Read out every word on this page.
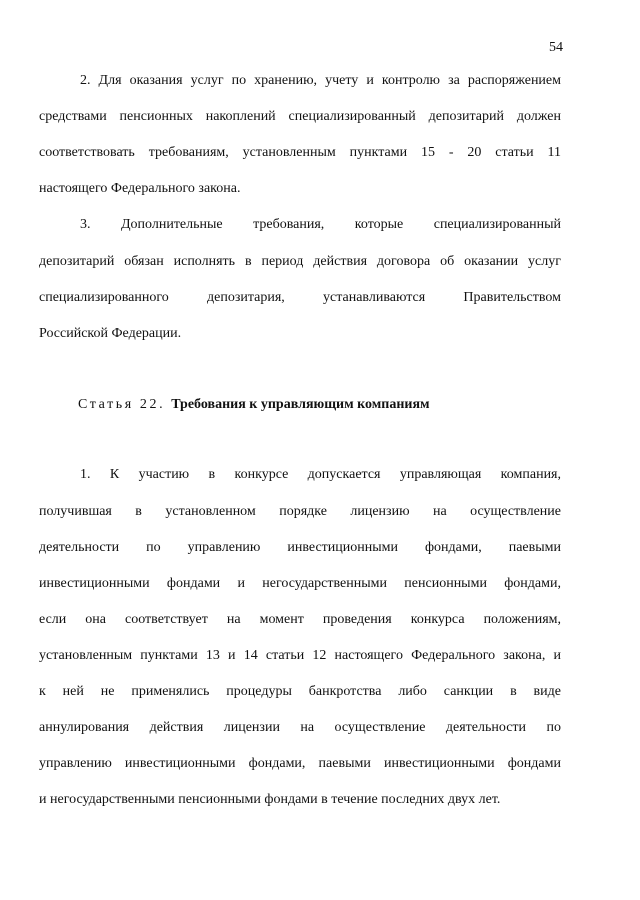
54
2. Для оказания услуг по хранению, учету и контролю за распоряжением
средствами пенсионных накоплений специализированный депозитарий должен
соответствовать требованиям, установленным пунктами 15 - 20 статьи 11
настоящего Федерального закона.
3. Дополнительные требования, которые специализированный
депозитарий обязан исполнять в период действия договора об оказании услуг
специализированного депозитария, устанавливаются Правительством
Российской Федерации.
Статья 22. Требования к управляющим компаниям
1. К участию в конкурсе допускается управляющая компания,
получившая в установленном порядке лицензию на осуществление
деятельности по управлению инвестиционными фондами, паевыми
инвестиционными фондами и негосударственными пенсионными фондами,
если она соответствует на момент проведения конкурса положениям,
установленным пунктами 13 и 14 статьи 12 настоящего Федерального закона, и
к ней не применялись процедуры банкротства либо санкции в виде
аннулирования действия лицензии на осуществление деятельности по
управлению инвестиционными фондами, паевыми инвестиционными фондами
и негосударственными пенсионными фондами в течение последних двух лет.
